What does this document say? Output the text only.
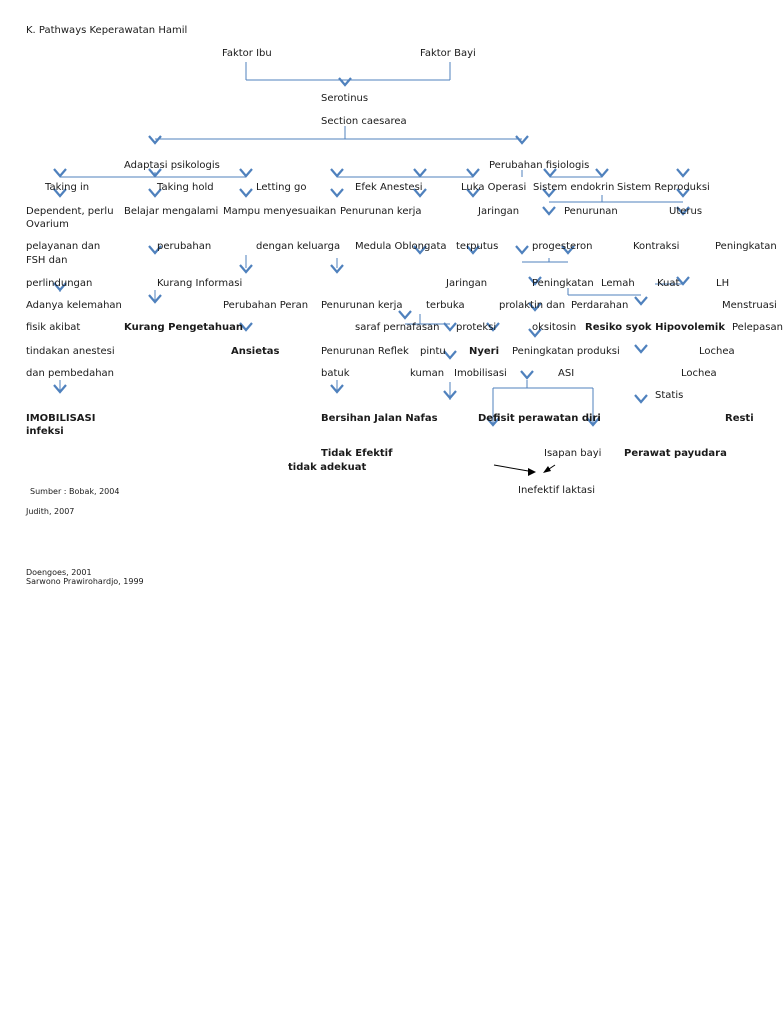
K. Pathways Keperawatan Hamil
Faktor Ibu	Faktor Bayi
Serotinus
Section caesarea
Adaptasi psikologis	Perubahan fisiologis
Taking in	Taking hold	Letting go	Efek Anestesi	Luka Operasi Sistem endokrin Sistem Reproduksi
Dependent, perlu
Ovarium
Belajar mengalami Mampu menyesuaikan Penurunan kerja	Jaringan	Penurunan	Uterus
pelayanan dan
FSH dan
perubahan	dengan keluarga Medula Oblongata terputus	progesteron	Kontraksi	Peningkatan
perlindungan	Kurang Informasi	Jaringan	Peningkatan Lemah Kuat	LH
Adanya kelemahan	Perubahan Peran Penurunan kerja terbuka	prolaktin dan Perdarahan	Menstruasi
fisik akibat	Kurang Pengetahuan	saraf pernafasan proteksi	oksitosin Resiko syok Hipovolemik Pelepasan
tindakan anestesi	Ansietas	Penurunan Reflek pintu Nyeri Peningkatan produksi	Lochea
dan pembedahan	batuk	kuman Imobilisasi	ASI	Lochea
Statis
IMOBILISASI
infeksi
Bersihan Jalan Nafas	Defisit perawatan diri	Resti
Tidak Efektif
tidak adekuat
Isapan bayi Perawat payudara
Inefektif laktasi
Sumber : Bobak, 2004
Judith, 2007
Doengoes, 2001
Sarwono Prawirohardjo, 1999
